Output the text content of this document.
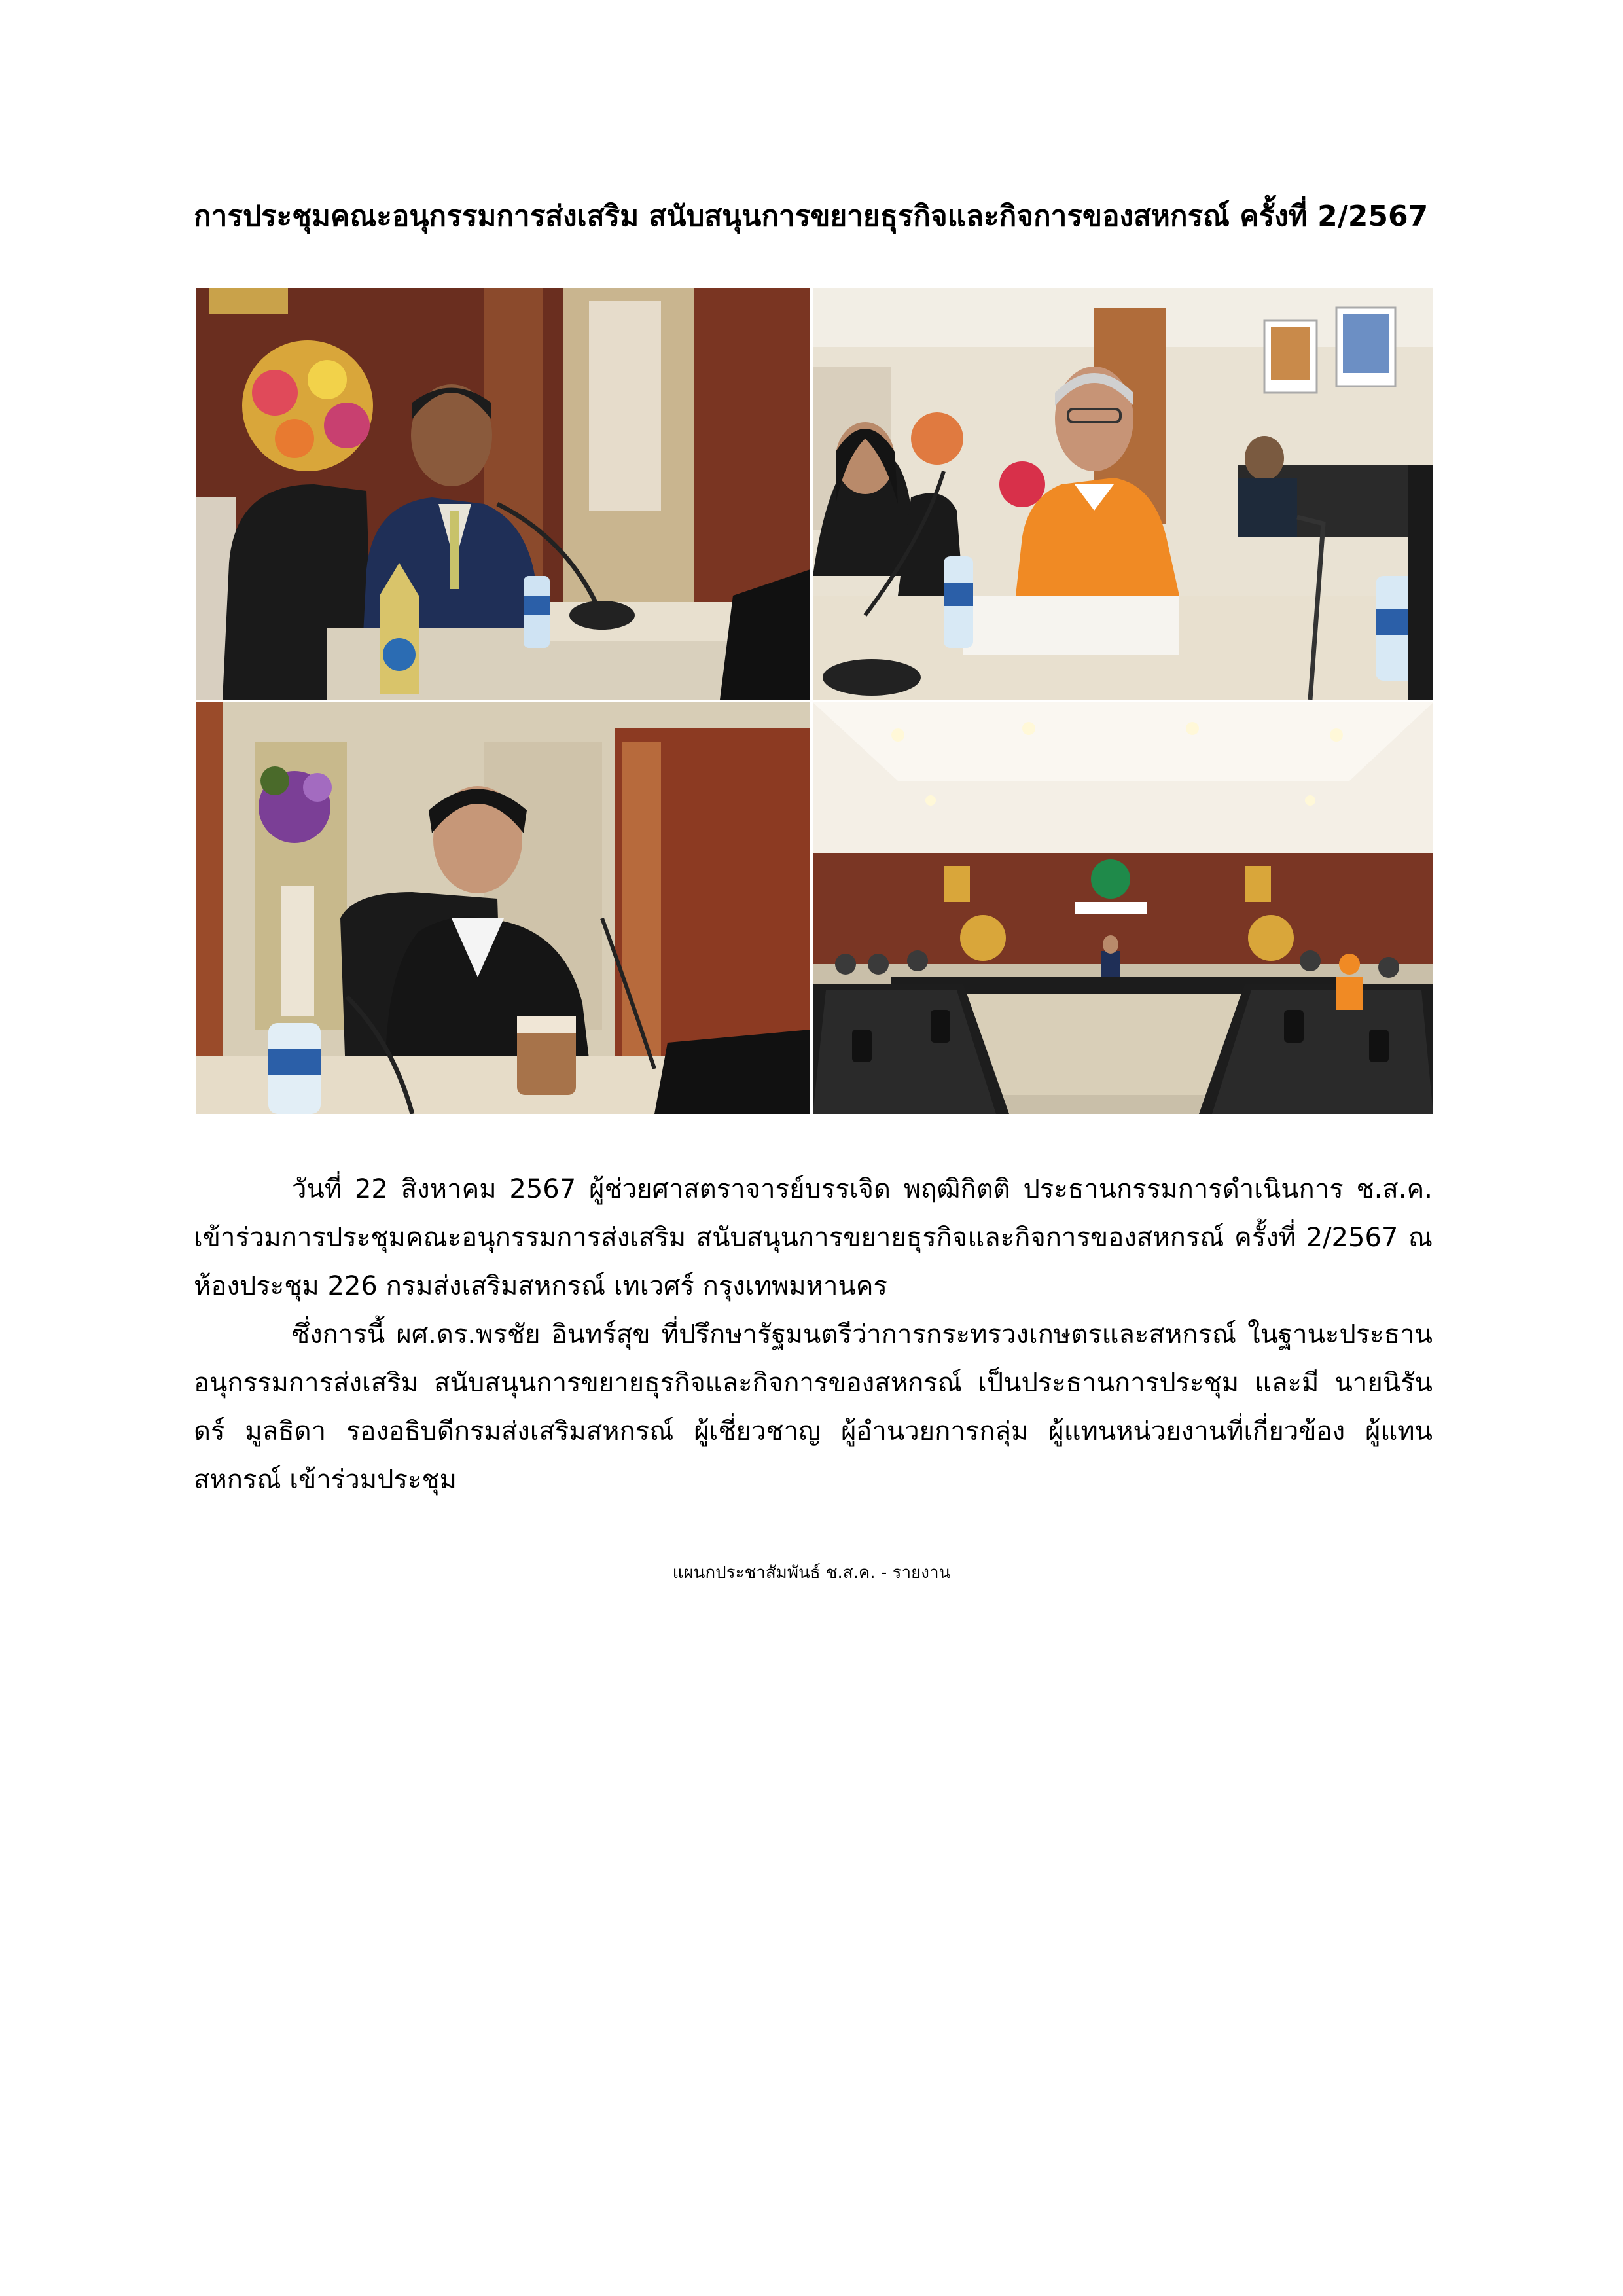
การประชุมคณะอนุกรรมการส่งเสริม สนับสนุนการขยายธุรกิจและกิจการของสหกรณ์ ครั้งที่ 2/2567

วันที่ 22 สิงหาคม 2567 ผู้ช่วยศาสตราจารย์บรรเจิด พฤฒิกิตติ ประธานกรรมการดำเนินการ ช.ส.ค. เข้าร่วมการประชุมคณะอนุกรรมการส่งเสริม สนับสนุนการขยายธุรกิจและกิจการของสหกรณ์ ครั้งที่ 2/2567 ณ ห้องประชุม 226 กรมส่งเสริมสหกรณ์ เทเวศร์ กรุงเทพมหานคร

ซึ่งการนี้ ผศ.ดร.พรชัย อินทร์สุข ที่ปรึกษารัฐมนตรีว่าการกระทรวงเกษตรและสหกรณ์ ในฐานะประธานอนุกรรมการส่งเสริม สนับสนุนการขยายธุรกิจและกิจการของสหกรณ์ เป็นประธานการประชุม และมี นายนิรันดร์ มูลธิดา รองอธิบดีกรมส่งเสริมสหกรณ์ ผู้เชี่ยวชาญ ผู้อำนวยการกลุ่ม ผู้แทนหน่วยงานที่เกี่ยวข้อง ผู้แทนสหกรณ์ เข้าร่วมประชุม

แผนกประชาสัมพันธ์ ช.ส.ค. - รายงาน
